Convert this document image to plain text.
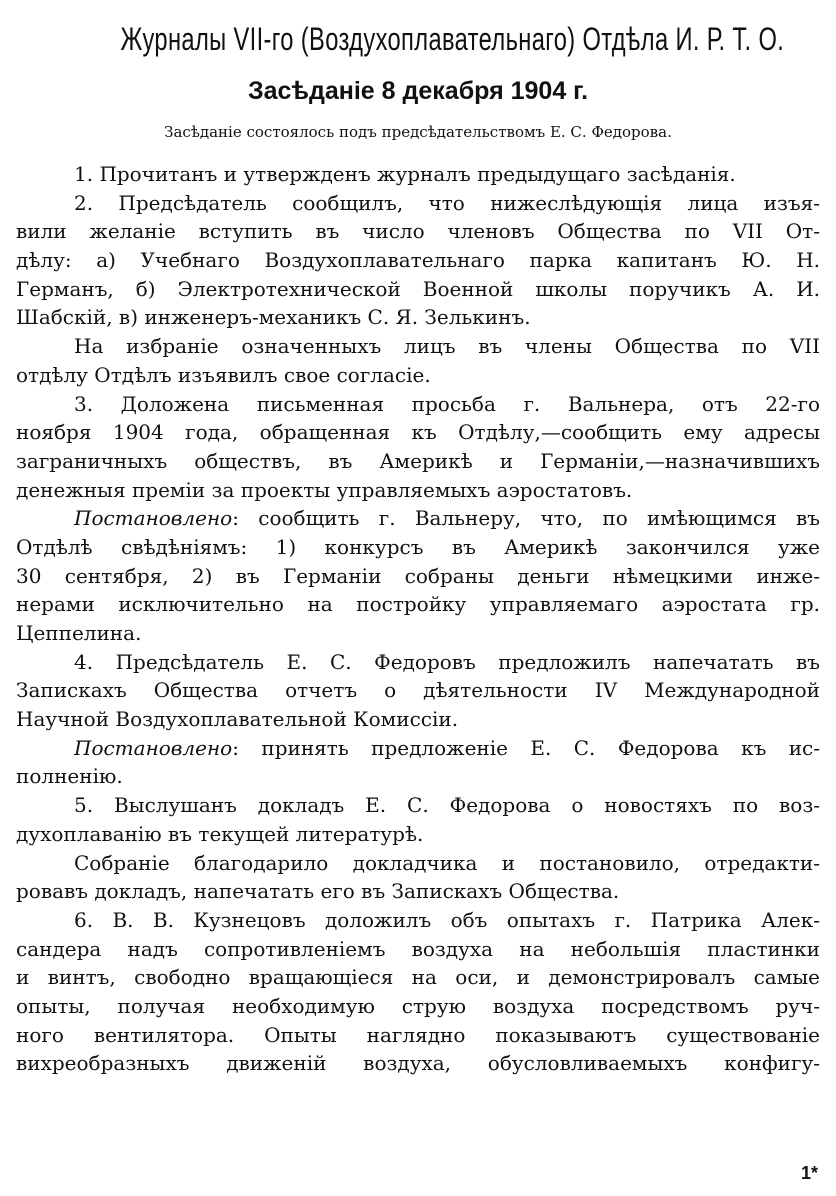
Журналы VII-го (Воздухоплавательнаго) Отдѣла И. Р. Т. О.
Засѣданіе 8 декабря 1904 г.
Засѣданіе состоялось подъ предсѣдательствомъ Е. С. Федорова.
1. Прочитанъ и утвержденъ журналъ предыдущаго засѣданія.
2. Предсѣдатель сообщилъ, что нижеслѣдующія лица изъя-
вили желаніе вступить въ число членовъ Общества по VII От-
дѣлу: а) Учебнаго Воздухоплавательнаго парка капитанъ Ю. Н.
Германъ, б) Электротехнической Военной школы поручикъ А. И.
Шабскій, в) инженеръ-механикъ С. Я. Зелькинъ.
На избраніе означенныхъ лицъ въ члены Общества по VII
отдѣлу Отдѣлъ изъявилъ свое согласіе.
3. Доложена письменная просьба г. Вальнера, отъ 22-го
ноября 1904 года, обращенная къ Отдѣлу,—сообщить ему адресы
заграничныхъ обществъ, въ Америкѣ и Германіи,—назначившихъ
денежныя преміи за проекты управляемыхъ аэростатовъ.
Постановлено: сообщить г. Вальнеру, что, по имѣющимся въ
Отдѣлѣ свѣдѣніямъ: 1) конкурсъ въ Америкѣ закончился уже
30 сентября, 2) въ Германіи собраны деньги нѣмецкими инже-
нерами исключительно на постройку управляемаго аэростата гр.
Цеппелина.
4. Предсѣдатель Е. С. Федоровъ предложилъ напечатать въ
Запискахъ Общества отчетъ о дѣятельности IV Международной
Научной Воздухоплавательной Комиссіи.
Постановлено: принять предложеніе Е. С. Федорова къ ис-
полненію.
5. Выслушанъ докладъ Е. С. Федорова о новостяхъ по воз-
духоплаванію въ текущей литературѣ.
Собраніе благодарило докладчика и постановило, отредакти-
ровавъ докладъ, напечатать его въ Запискахъ Общества.
6. В. В. Кузнецовъ доложилъ объ опытахъ г. Патрика Алек-
сандера надъ сопротивленіемъ воздуха на небольшія пластинки
и винтъ, свободно вращающіеся на оси, и демонстрировалъ самые
опыты, получая необходимую струю воздуха посредствомъ руч-
ного вентилятора. Опыты наглядно показываютъ существованіе
вихреобразныхъ движеній воздуха, обусловливаемыхъ конфигу-
1*
